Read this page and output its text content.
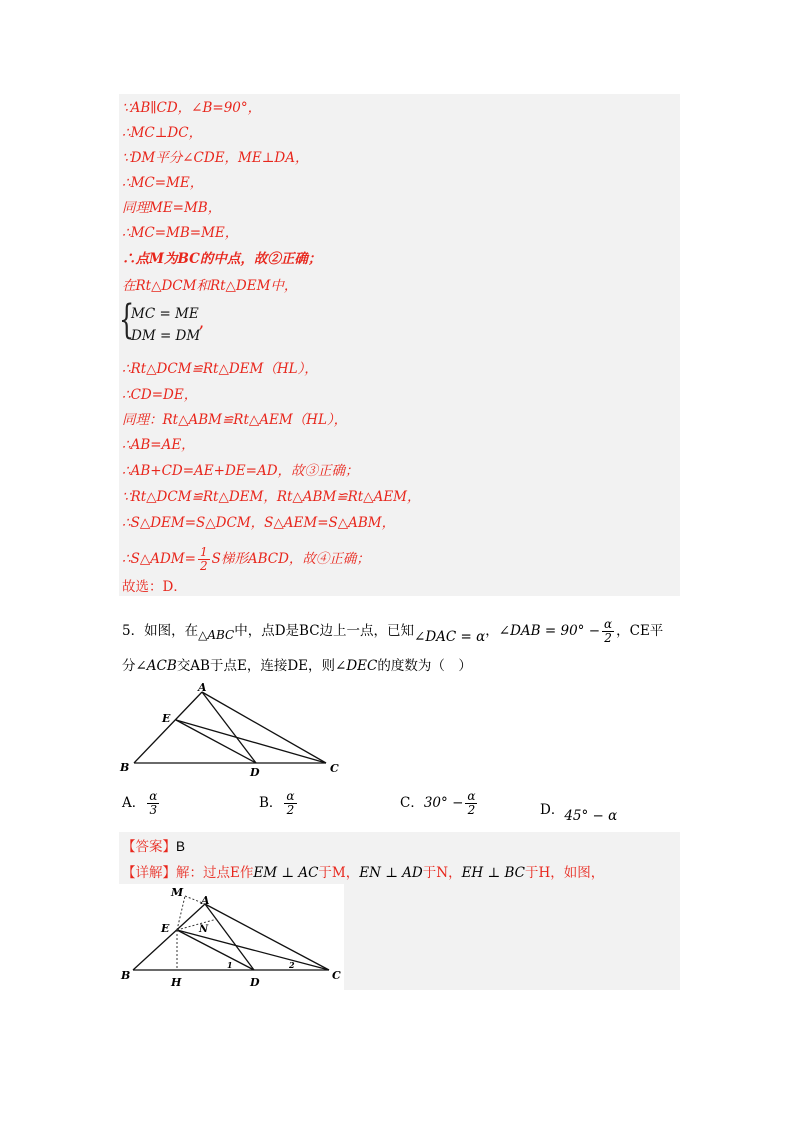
∵AB∥CD，∠B=90°，
∴MC⊥DC，
∵DM平分∠CDE，ME⊥DA，
∴MC=ME，
同理ME=MB，
∴MC=MB=ME，
∴点M为BC的中点，故②正确；
在Rt△DCM和Rt△DEM中，
{
MC = ME
DM = DM
’
∴Rt△DCM≌Rt△DEM（HL），
∴CD=DE，
同理：Rt△ABM≌Rt△AEM（HL），
∴AB=AE，
∴AB+CD=AE+DE=AD，故③正确；
∵Rt△DCM≌Rt△DEM，Rt△ABM≌Rt△AEM，
∴S△DEM=S△DCM，S△AEM=S△ABM，
∴S△ADM= $\frac{1}{2}$ S梯形ABCD，故④正确；
故选：D．
5．如图，在△ABC中，点D是BC边上一点，已知∠DAC = α，∠DAB = $90^\circ - \frac{\alpha}{2}$ ，CE平
分∠ACB交AB于点E，连接DE，则∠DEC的度数为（　）
A
E
B	D	C
A． $\frac{\alpha}{3}$	B． $\frac{\alpha}{2}$	C．$30^\circ - \frac{\alpha}{2}$	D．45° − α
【答案】B
【详解】解：过点E作EM ⊥ AC于M，EN ⊥ AD于N，EH ⊥ BC于H，如图，
M
A
E	N
B
H	D
C
1	2
